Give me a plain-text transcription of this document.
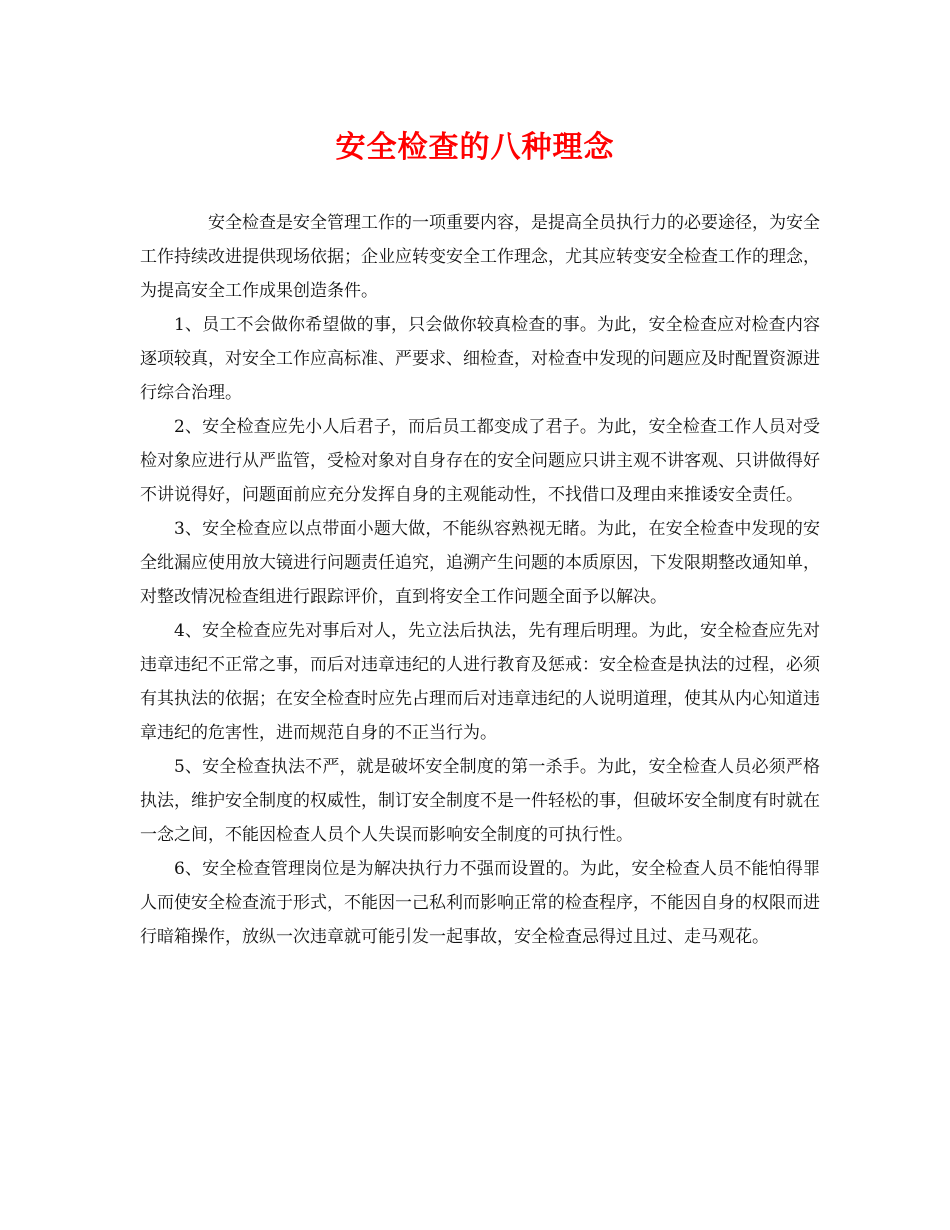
安全检查的八种理念

安全检查是安全管理工作的一项重要内容，是提高全员执行力的必要途径，为安全工作持续改进提供现场依据；企业应转变安全工作理念，尤其应转变安全检查工作的理念，为提高安全工作成果创造条件。

1、员工不会做你希望做的事，只会做你较真检查的事。为此，安全检查应对检查内容逐项较真，对安全工作应高标准、严要求、细检查，对检查中发现的问题应及时配置资源进行综合治理。

2、安全检查应先小人后君子，而后员工都变成了君子。为此，安全检查工作人员对受检对象应进行从严监管，受检对象对自身存在的安全问题应只讲主观不讲客观、只讲做得好不讲说得好，问题面前应充分发挥自身的主观能动性，不找借口及理由来推诿安全责任。

3、安全检查应以点带面小题大做，不能纵容熟视无睹。为此，在安全检查中发现的安全纰漏应使用放大镜进行问题责任追究，追溯产生问题的本质原因，下发限期整改通知单，对整改情况检查组进行跟踪评价，直到将安全工作问题全面予以解决。

4、安全检查应先对事后对人，先立法后执法，先有理后明理。为此，安全检查应先对违章违纪不正常之事，而后对违章违纪的人进行教育及惩戒：安全检查是执法的过程，必须有其执法的依据；在安全检查时应先占理而后对违章违纪的人说明道理，使其从内心知道违章违纪的危害性，进而规范自身的不正当行为。

5、安全检查执法不严，就是破坏安全制度的第一杀手。为此，安全检查人员必须严格执法，维护安全制度的权威性，制订安全制度不是一件轻松的事，但破坏安全制度有时就在一念之间，不能因检查人员个人失误而影响安全制度的可执行性。

6、安全检查管理岗位是为解决执行力不强而设置的。为此，安全检查人员不能怕得罪人而使安全检查流于形式，不能因一己私利而影响正常的检查程序，不能因自身的权限而进行暗箱操作，放纵一次违章就可能引发一起事故，安全检查忌得过且过、走马观花。
